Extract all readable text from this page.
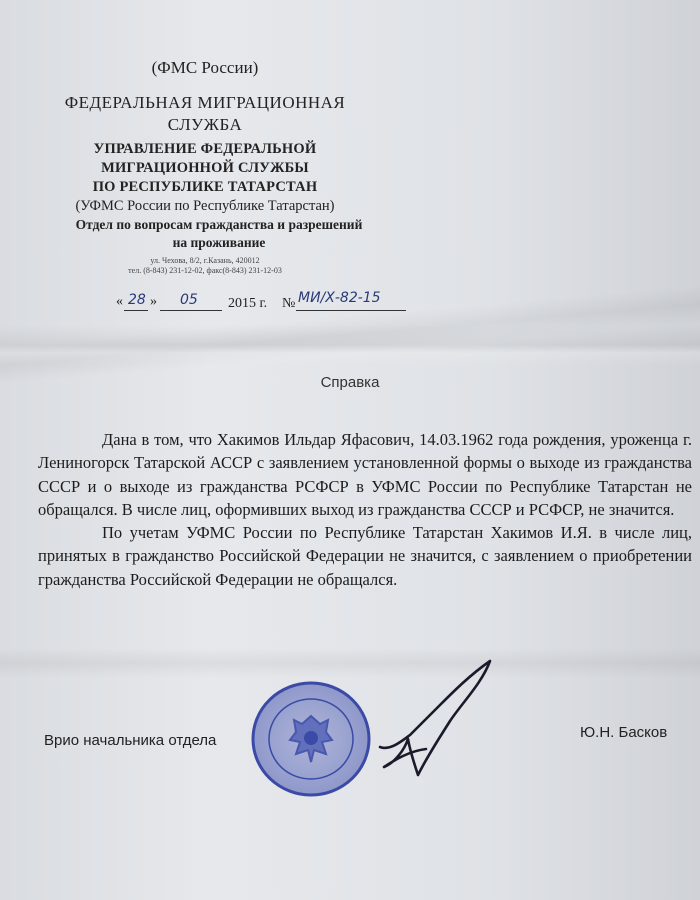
(ФМС России)
ФЕДЕРАЛЬНАЯ МИГРАЦИОННАЯ
СЛУЖБА
УПРАВЛЕНИЕ ФЕДЕРАЛЬНОЙ
МИГРАЦИОННОЙ СЛУЖБЫ
ПО РЕСПУБЛИКЕ ТАТАРСТАН
(УФМС России по Республике Татарстан)
Отдел по вопросам гражданства и разрешений
на проживание
ул. Чехова, 8/2, г.Казань, 420012
тел. (8-843) 231-12-02, факс(8-843) 231-12-03
« 28 » 05 2015 г. № МИ/Х-82-15
Справка

Дана в том, что Хакимов Ильдар Яфасович, 14.03.1962 года рождения, уроженца г. Лениногорск Татарской АССР с заявлением установленной формы о выходе из гражданства СССР и о выходе из гражданства РСФСР в УФМС России по Республике Татарстан не обращался. В числе лиц, оформивших выход из гражданства СССР и РСФСР, не значится.

По учетам УФМС России по Республике Татарстан Хакимов И.Я. в числе лиц, принятых в гражданство Российской Федерации не значится, с заявлением о приобретении гражданства Российской Федерации не обращался.

Врио начальника отдела	Ю.Н. Басков
